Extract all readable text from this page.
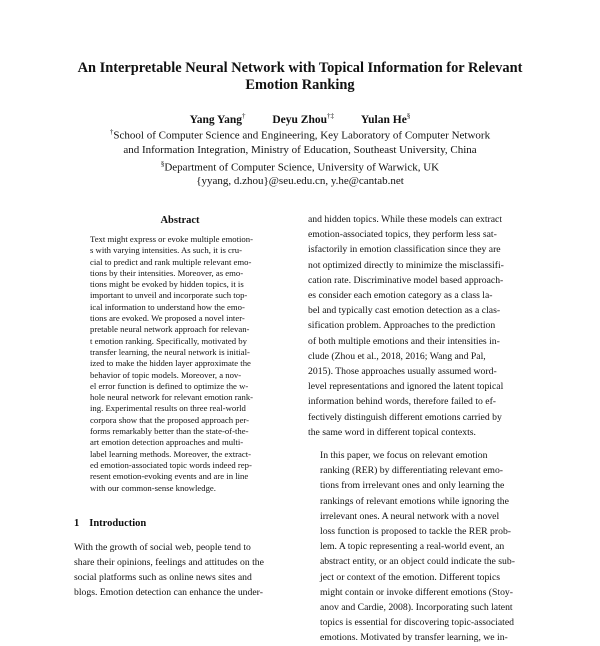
An Interpretable Neural Network with Topical Information for Relevant
Emotion Ranking
Yang Yang† Deyu Zhou†‡ Yulan He§
†School of Computer Science and Engineering, Key Laboratory of Computer Network
and Information Integration, Ministry of Education, Southeast University, China
§Department of Computer Science, University of Warwick, UK
{yyang, d.zhou}@seu.edu.cn, y.he@cantab.net
Abstract
Text might express or evoke multiple emotion-
s with varying intensities. As such, it is cru-
cial to predict and rank multiple relevant emo-
tions by their intensities. Moreover, as emo-
tions might be evoked by hidden topics, it is
important to unveil and incorporate such top-
ical information to understand how the emo-
tions are evoked. We proposed a novel inter-
pretable neural network approach for relevan-
t emotion ranking. Specifically, motivated by
transfer learning, the neural network is initial-
ized to make the hidden layer approximate the
behavior of topic models. Moreover, a nov-
el error function is defined to optimize the w-
hole neural network for relevant emotion rank-
ing. Experimental results on three real-world
corpora show that the proposed approach per-
forms remarkably better than the state-of-the-
art emotion detection approaches and multi-
label learning methods. Moreover, the extract-
ed emotion-associated topic words indeed rep-
resent emotion-evoking events and are in line
with our common-sense knowledge.
1 Introduction
With the growth of social web, people tend to
share their opinions, feelings and attitudes on the
social platforms such as online news sites and
blogs. Emotion detection can enhance the under-

and hidden topics. While these models can extract
emotion-associated topics, they perform less sat-
isfactorily in emotion classification since they are
not optimized directly to minimize the misclassifi-
cation rate. Discriminative model based approach-
es consider each emotion category as a class la-
bel and typically cast emotion detection as a clas-
sification problem. Approaches to the prediction
of both multiple emotions and their intensities in-
clude (Zhou et al., 2018, 2016; Wang and Pal,
2015). Those approaches usually assumed word-
level representations and ignored the latent topical
information behind words, therefore failed to ef-
fectively distinguish different emotions carried by
the same word in different topical contexts.

In this paper, we focus on relevant emotion
ranking (RER) by differentiating relevant emo-
tions from irrelevant ones and only learning the
rankings of relevant emotions while ignoring the
irrelevant ones. A neural network with a novel
loss function is proposed to tackle the RER prob-
lem. A topic representing a real-world event, an
abstract entity, or an object could indicate the sub-
ject or context of the emotion. Different topics
might contain or invoke different emotions (Stoy-
anov and Cardie, 2008). Incorporating such latent
topics is essential for discovering topic-associated
emotions. Motivated by transfer learning, we in-
